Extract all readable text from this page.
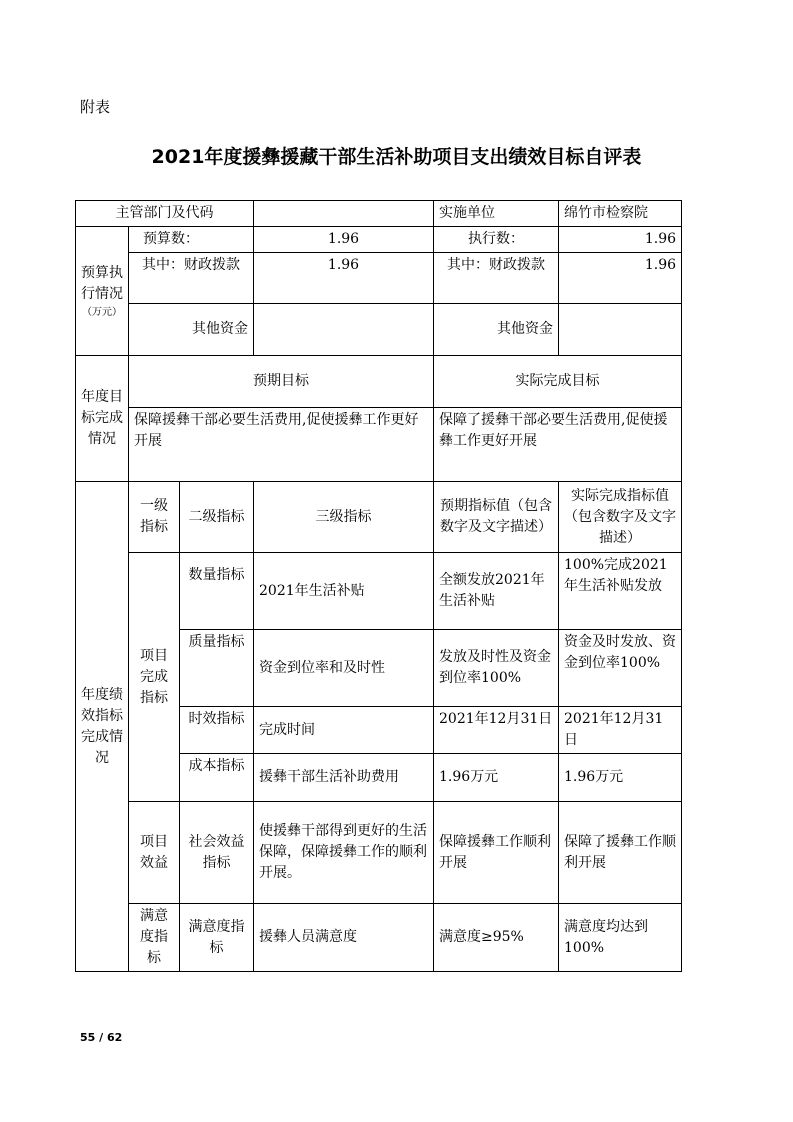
附表
2021年度援彝援藏干部生活补助项目支出绩效目标自评表
主管部门及代码				实施单位	绵竹市检察院

预算执行情况
（万元）	预算数：		1.96	执行数：	1.96
	其中：财政拨款		1.96	其中：财政拨款	1.96
	其他资金			其他资金	
年度目标完成情况	预期目标			实际完成目标	
	保障援彝干部必要生活费用,促使援彝工作更好开展			保障了援彝干部必要生活费用,促使援彝工作更好开展	
年度绩效指标完成情况	一级指标	二级指标	三级指标	预期指标值（包含数字及文字描述）	实际完成指标值（包含数字及文字描述）
	项目完成指标	数量指标	2021年生活补贴	全额发放2021年生活补贴	100%完成2021年生活补贴发放
		质量指标	资金到位率和及时性	发放及时性及资金到位率100%	资金及时发放、资金到位率100%
		时效指标	完成时间	2021年12月31日	2021年12月31日
		成本指标	援彝干部生活补助费用	1.96万元	1.96万元
	项目效益	社会效益指标	使援彝干部得到更好的生活保障，保障援彝工作的顺利开展。	保障援彝工作顺利开展	保障了援彝工作顺利开展
	满意度指标	满意度指标	援彝人员满意度	满意度≥95%	满意度均达到100%
55 / 62
